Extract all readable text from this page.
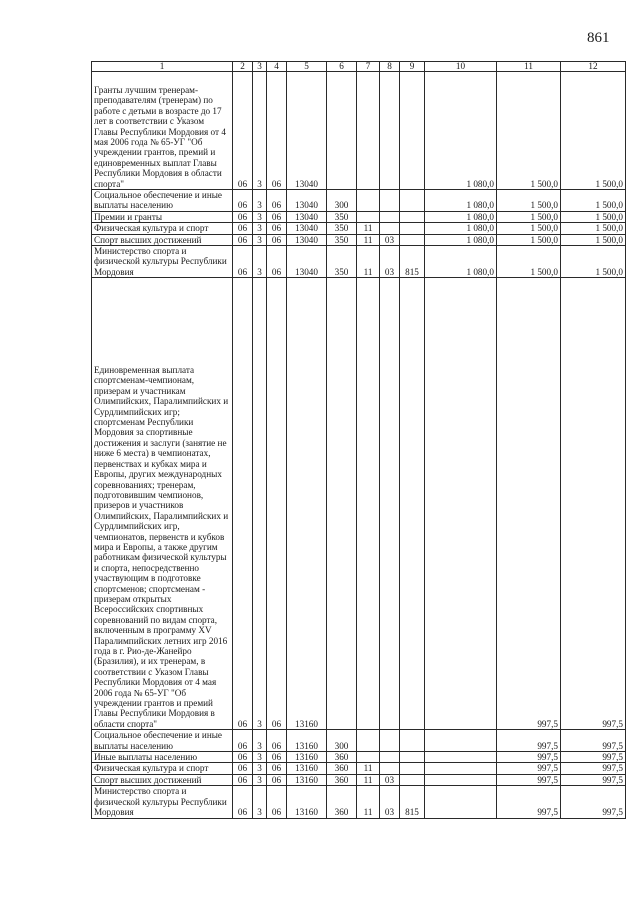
861
1	2	3	4	5	6	7	8	9	10	11	12
Гранты лучшим тренерам-преподавателям (тренерам) по работе с детьми в возрасте до 17 лет в соответствии с Указом Главы Республики Мордовия от 4 мая 2006 года № 65-УГ "Об учреждении грантов, премий и единовременных выплат Главы Республики Мордовия в области спорта"	06	3	06	13040					1 080,0	1 500,0	1 500,0
Социальное обеспечение и иные выплаты населению	06	3	06	13040	300				1 080,0	1 500,0	1 500,0
Премии и гранты	06	3	06	13040	350				1 080,0	1 500,0	1 500,0
Физическая культура и спорт	06	3	06	13040	350	11			1 080,0	1 500,0	1 500,0
Спорт высших достижений	06	3	06	13040	350	11	03		1 080,0	1 500,0	1 500,0
Министерство спорта и физической культуры Республики Мордовия	06	3	06	13040	350	11	03	815	1 080,0	1 500,0	1 500,0
Единовременная выплата спортсменам-чемпионам, призерам и участникам Олимпийских, Паралимпийских и Сурдлимпийских игр; спортсменам Республики Мордовия за спортивные достижения и заслуги (занятие не ниже 6 места) в чемпионатах, первенствах и кубках мира и Европы, других международных соревнованиях; тренерам, подготовившим чемпионов, призеров и участников Олимпийских, Паралимпийских и Сурдлимпийских игр, чемпионатов, первенств и кубков мира и Европы, а также другим работникам физической культуры и спорта, непосредственно участвующим в подготовке спортсменов; спортсменам - призерам открытых Всероссийских спортивных соревнований по видам спорта, включенным в программу XV Паралимпийских летних игр 2016 года в г. Рио-де-Жанейро (Бразилия), и их тренерам, в соответствии с Указом Главы Республики Мордовия от 4 мая 2006 года № 65-УГ "Об учреждении грантов и премий Главы Республики Мордовия в области спорта"	06	3	06	13160						997,5	997,5
Социальное обеспечение и иные выплаты населению	06	3	06	13160	300					997,5	997,5
Иные выплаты населению	06	3	06	13160	360					997,5	997,5
Физическая культура и спорт	06	3	06	13160	360	11				997,5	997,5
Спорт высших достижений	06	3	06	13160	360	11	03			997,5	997,5
Министерство спорта и физической культуры Республики Мордовия	06	3	06	13160	360	11	03	815		997,5	997,5
